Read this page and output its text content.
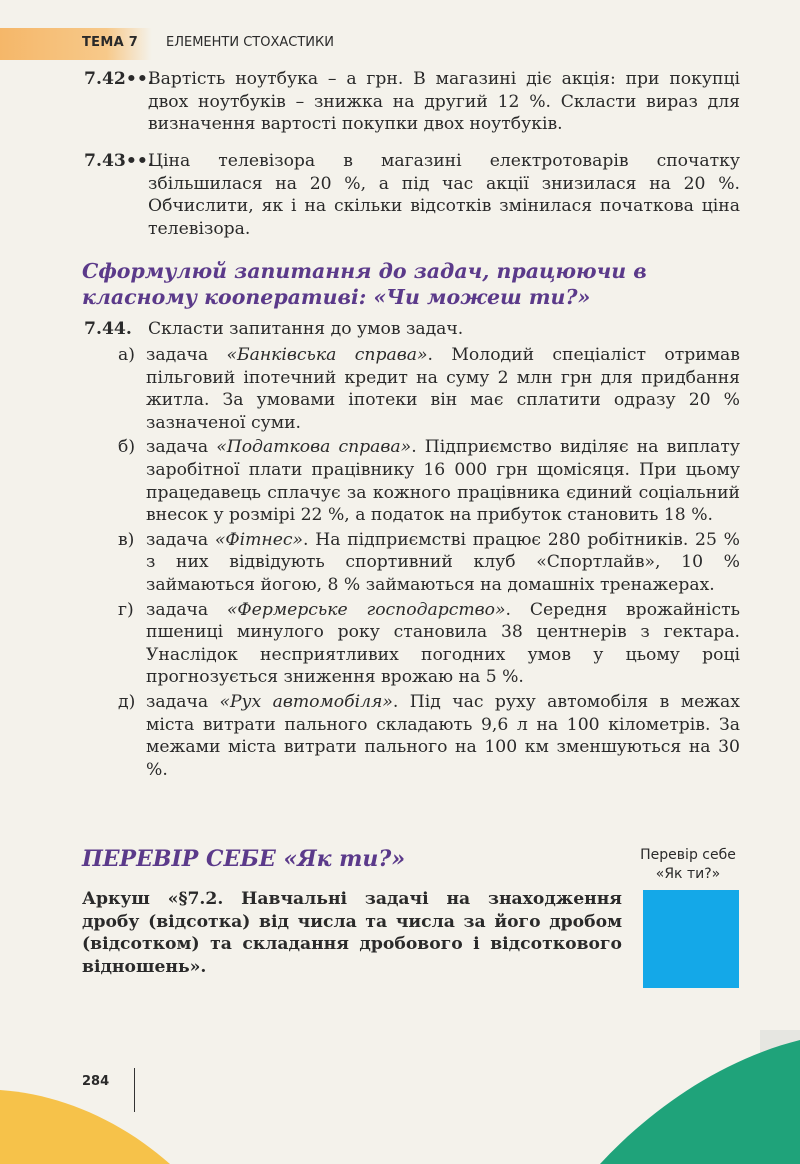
ТЕМА 7 ЕЛЕМЕНТИ СТОХАСТИКИ
7.42••.

Вартість ноутбука – а грн. В магазині діє акція: при покупці двох ноутбуків – знижка на другий 12 %. Скласти вираз для визначення вартості покупки двох ноутбуків.

7.43••.

Ціна телевізора в магазині електротоварів спочатку збільшилася на 20 %, а під час акції знизилася на 20 %. Обчислити, як і на скільки відсотків змінилася початкова ціна телевізора.

Сформулюй запитання до задач, працюючи в класному кооперативі: «Чи можеш ти?»
7.44. Скласти запитання до умов задач.

а) задача «Банківська справа». Молодий спеціаліст отримав пільговий іпотечний кредит на суму 2 млн грн для придбання житла. За умовами іпотеки він має сплатити одразу 20 % зазначеної суми.
б) задача «Податкова справа». Підприємство виділяє на виплату заробітної плати працівнику 16 000 грн щомісяця. При цьому працедавець сплачує за кожного працівника єдиний соціальний внесок у розмірі 22 %, а податок на прибуток становить 18 %.
в) задача «Фітнес». На підприємстві працює 280 робітників. 25 % з них відвідують спортивний клуб «Спортлайв», 10 % займаються йогою, 8 % займаються на домашніх тренажерах.
г) задача «Фермерське господарство». Середня врожайність пшениці минулого року становила 38 центнерів з гектара. Унаслідок несприятливих погодних умов у цьому році прогнозується зниження врожаю на 5 %.
д) задача «Рух автомобіля». Під час руху автомобіля в межах міста витрати пального складають 9,6 л на 100 кілометрів. За межами міста витрати пального на 100 км зменшуються на 30 %.
ПЕРЕВІР СЕБЕ «Як ти?»
Аркуш «§7.2. Навчальні задачі на знаходження дробу (відсотка) від числа та числа за його дробом (відсотком) та складання дробового і відсоткового відношень».
Перевір себе
«Як ти?»
284
